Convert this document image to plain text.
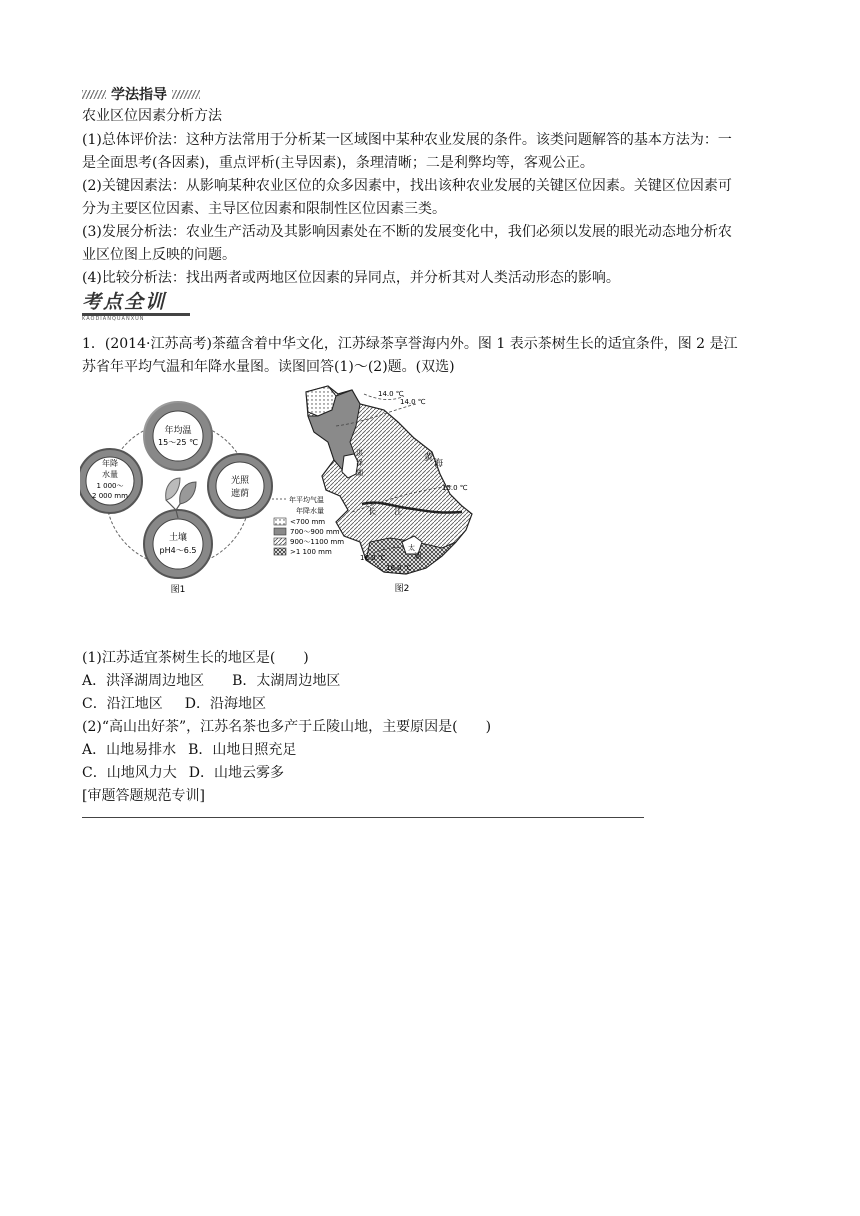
学法指导
农业区位因素分析方法
(1)总体评价法：这种方法常用于分析某一区域图中某种农业发展的条件。该类问题解答的基本方法为：一
是全面思考(各因素)，重点评析(主导因素)，条理清晰；二是利弊均等，客观公正。
(2)关键因素法：从影响某种农业区位的众多因素中，找出该种农业发展的关键区位因素。关键区位因素可
分为主要区位因素、主导区位因素和限制性区位因素三类。
(3)发展分析法：农业生产活动及其影响因素处在不断的发展变化中，我们必须以发展的眼光动态地分析农
业区位图上反映的问题。
(4)比较分析法：找出两者或两地区位因素的异同点，并分析其对人类活动形态的影响。
考点全训
KAODIANQUANXUN
1．(2014·江苏高考)茶蕴含着中华文化，江苏绿茶享誉海内外。图 1 表示茶树生长的适宜条件，图 2 是江
苏省年平均气温和年降水量图。读图回答(1)～(2)题。(双选)
年均温
15～25 ℃
年降
水量
1 000～
2 000 mm
光照
遮荫
土壤
pH4～6.5
图1
14.0 ℃
14.0 ℃
15.0 ℃
16.0 ℃
16.0 ℃
黄
海
洪
泽
湖
长 江
太
湖
年平均气温
年降水量
<700 mm
700～900 mm
900～1100 mm
>1 100 mm
图2
(1)江苏适宜茶树生长的地区是(　　)
A．洪泽湖周边地区 B．太湖周边地区
C．沿江地区 D．沿海地区
(2)“高山出好茶”，江苏名茶也多产于丘陵山地，主要原因是(　　)
A．山地易排水 B．山地日照充足
C．山地风力大 D．山地云雾多
[审题答题规范专训]
